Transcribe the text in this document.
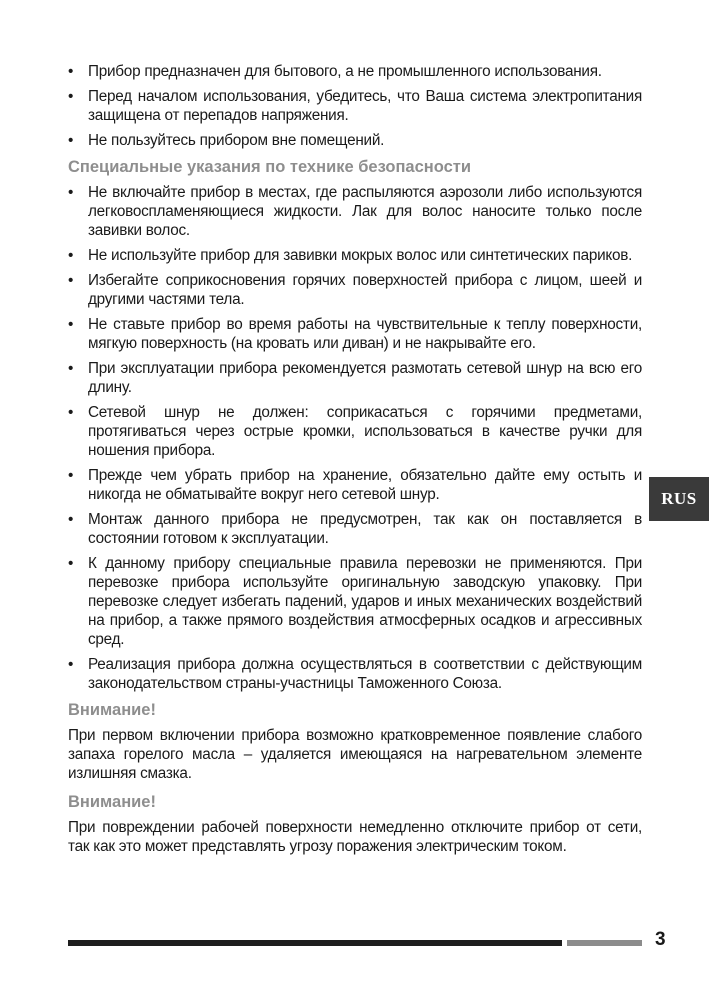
• Прибор предназначен для бытового, а не промышленного использования.
• Перед началом использования, убедитесь, что Ваша система электропитания защищена от перепадов напряжения.
• Не пользуйтесь прибором вне помещений.
Специальные указания по технике безопасности
• Не включайте прибор в местах, где распыляются аэрозоли либо используются легковоспламеняющиеся жидкости. Лак для волос наносите только после завивки волос.
• Не используйте прибор для завивки мокрых волос или синтетических париков.
• Избегайте соприкосновения горячих поверхностей прибора с лицом, шеей и другими частями тела.
• Не ставьте прибор во время работы на чувствительные к теплу поверхности, мягкую поверхность (на кровать или диван) и не накрывайте его.
• При эксплуатации прибора рекомендуется размотать сетевой шнур на всю его длину.
• Сетевой шнур не должен: соприкасаться с горячими предметами, протягиваться через острые кромки, использоваться в качестве ручки для ношения прибора.
• Прежде чем убрать прибор на хранение, обязательно дайте ему остыть и никогда не обматывайте вокруг него сетевой шнур.
• Монтаж данного прибора не предусмотрен, так как он поставляется в состоянии готовом к эксплуатации.
• К данному прибору специальные правила перевозки не применяются. При перевозке прибора используйте оригинальную заводскую упаковку. При перевозке следует избегать падений, ударов и иных механических воздействий на прибор, а также прямого воздействия атмосферных осадков и агрессивных сред.
• Реализация прибора должна осуществляться в соответствии с действующим законодательством страны-участницы Таможенного Союза.
Внимание!

При первом включении прибора возможно кратковременное появление слабого запаха горелого масла – удаляется имеющаяся на нагревательном элементе излишняя смазка.

Внимание!

При повреждении рабочей поверхности немедленно отключите прибор от сети, так как это может представлять угрозу поражения электрическим током.

RUS
3
